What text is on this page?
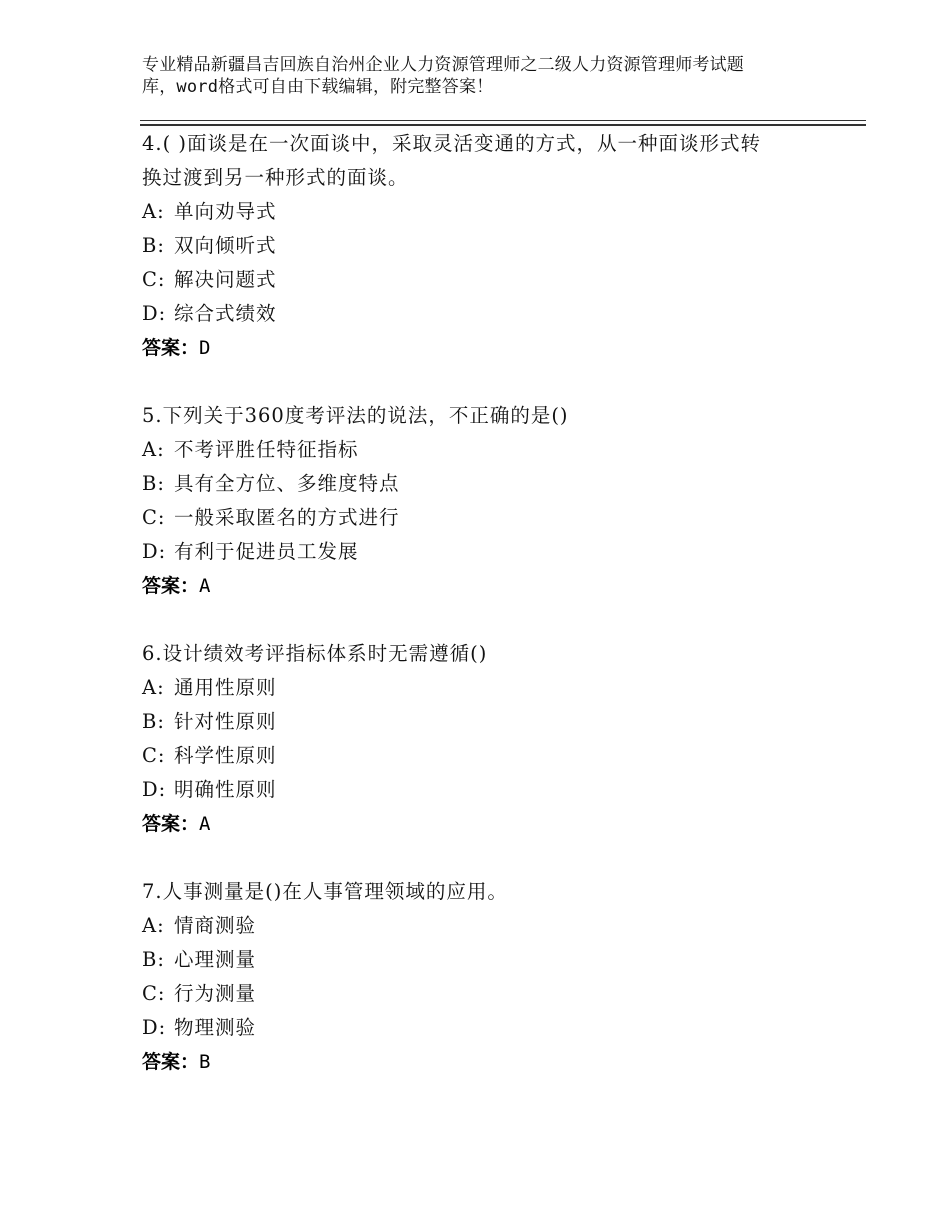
专业精品新疆昌吉回族自治州企业人力资源管理师之二级人力资源管理师考试题
库，word格式可自由下载编辑，附完整答案！
4.( )面谈是在一次面谈中，采取灵活变通的方式，从一种面谈形式转
换过渡到另一种形式的面谈。
A: 单向劝导式
B: 双向倾听式
C: 解决问题式
D: 综合式绩效
答案：D
5.下列关于360度考评法的说法，不正确的是()
A: 不考评胜任特征指标
B: 具有全方位、多维度特点
C: 一般采取匿名的方式进行
D: 有利于促进员工发展
答案：A
6.设计绩效考评指标体系时无需遵循()
A: 通用性原则
B: 针对性原则
C: 科学性原则
D: 明确性原则
答案：A
7.人事测量是()在人事管理领域的应用。
A: 情商测验
B: 心理测量
C: 行为测量
D: 物理测验
答案：B
